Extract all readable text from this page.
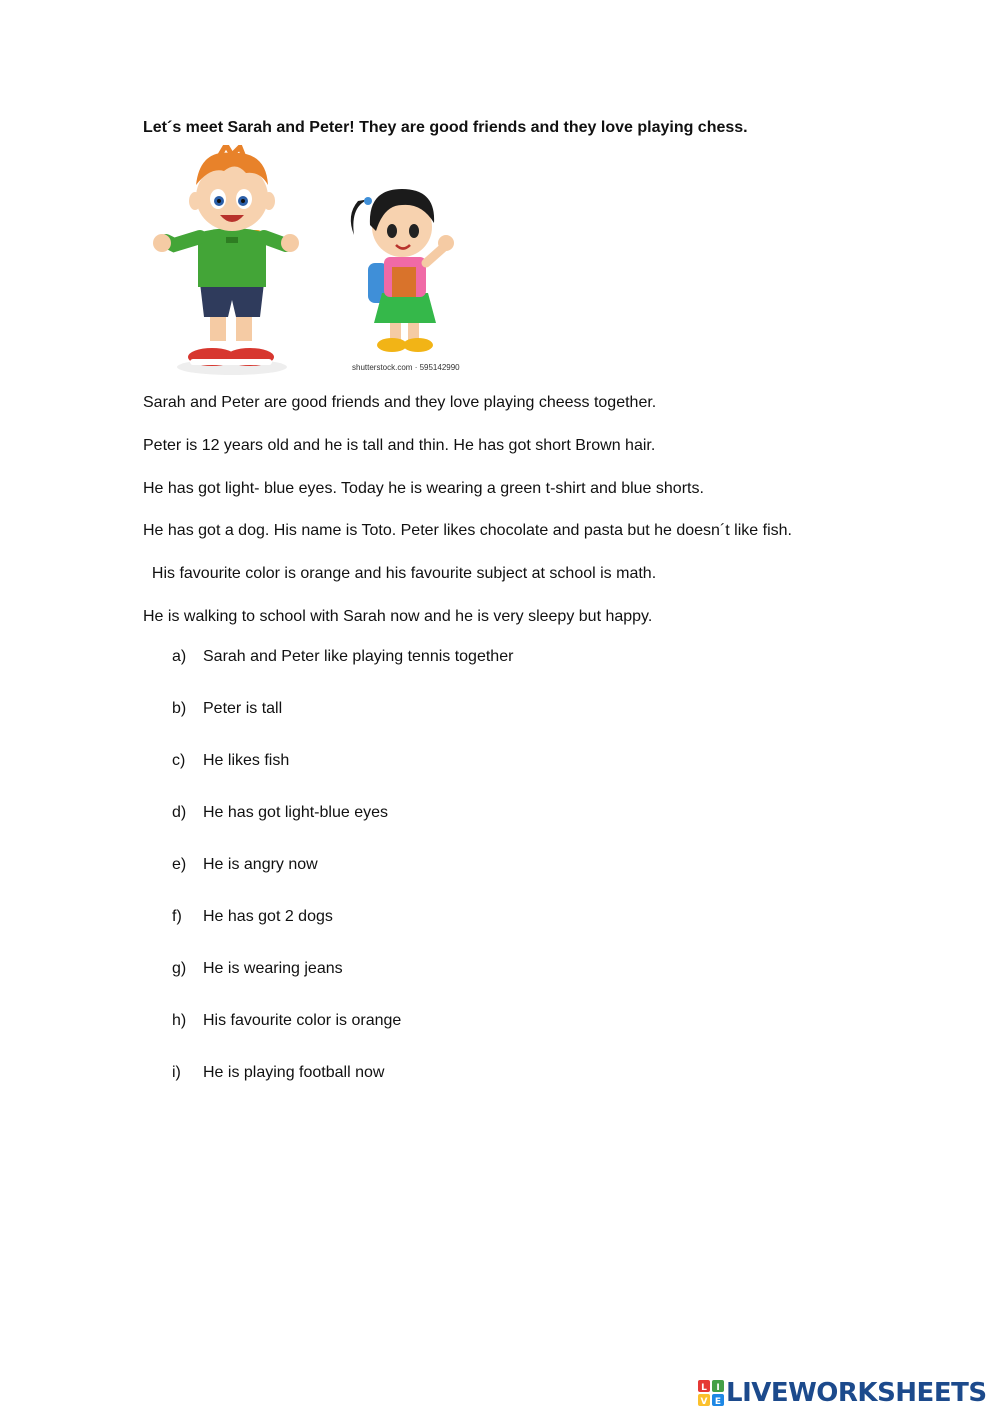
Let´s meet Sarah and Peter! They are good friends and they love playing chess.

shutterstock.com · 595142990

Sarah and Peter are good friends and they love playing cheess together.

Peter is 12 years old and he is tall and thin. He has got short Brown hair.

He has got light- blue eyes. Today he is wearing a green t-shirt and blue shorts.

He has got a dog. His name is Toto. Peter likes chocolate and pasta but he doesn´t like fish.

His favourite color is orange and his favourite subject at school is math.

He is walking to school with Sarah now and he is very sleepy but happy.

a)	Sarah and Peter like playing tennis together
b)	Peter is tall
c)	He likes fish
d)	He has got light-blue eyes
e)	He is angry now
f)	He has got 2 dogs
g)	He is wearing jeans
h)	His favourite color is orange
i)	He is playing football now
L I
V E LIVEWORKSHEETS
